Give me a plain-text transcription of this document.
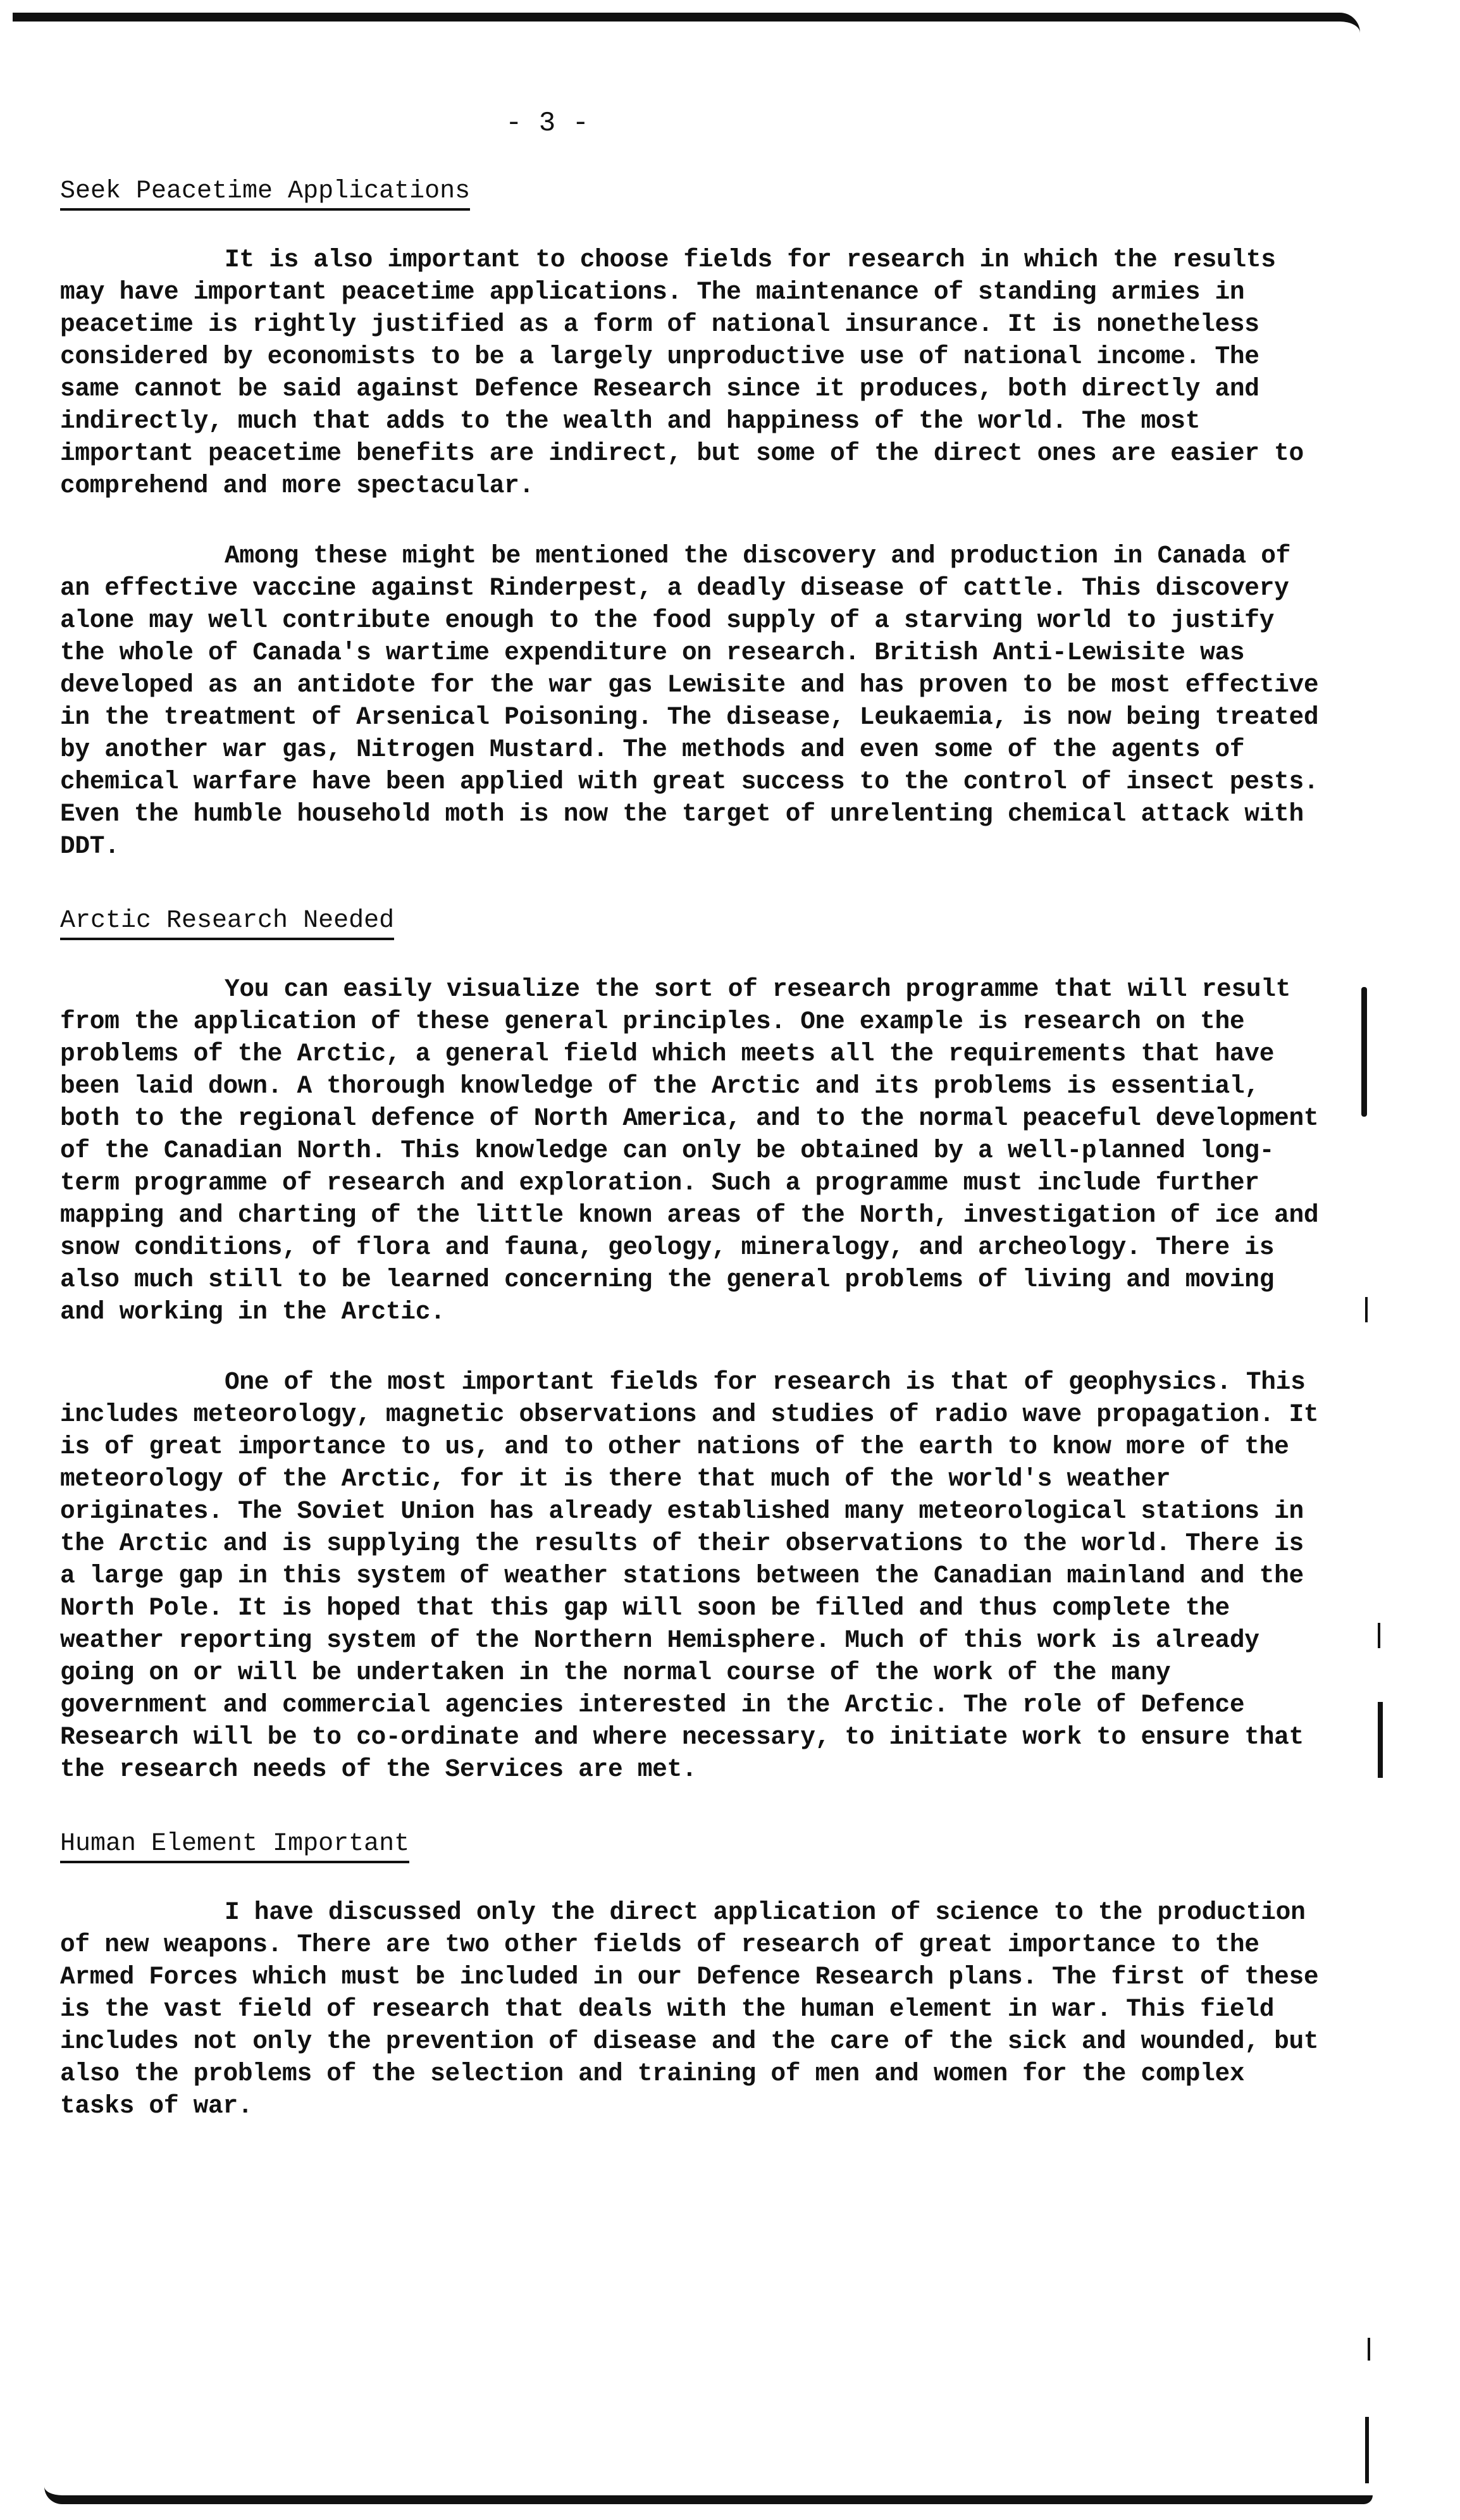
- 3 -
Seek Peacetime Applications

It is also important to choose fields for research in which the results may have important peacetime applications. The maintenance of standing armies in peacetime is rightly justified as a form of national insurance. It is nonetheless considered by economists to be a largely unproductive use of national income. The same cannot be said against Defence Research since it produces, both directly and indirectly, much that adds to the wealth and happiness of the world. The most important peacetime benefits are indirect, but some of the direct ones are easier to comprehend and more spectacular.

Among these might be mentioned the discovery and production in Canada of an effective vaccine against Rinderpest, a deadly disease of cattle. This discovery alone may well contribute enough to the food supply of a starving world to justify the whole of Canada's wartime expenditure on research. British Anti-Lewisite was developed as an antidote for the war gas Lewisite and has proven to be most effective in the treatment of Arsenical Poisoning. The disease, Leukaemia, is now being treated by another war gas, Nitrogen Mustard. The methods and even some of the agents of chemical warfare have been applied with great success to the control of insect pests. Even the humble household moth is now the target of unrelenting chemical attack with DDT.

Arctic Research Needed

You can easily visualize the sort of research programme that will result from the application of these general principles. One example is research on the problems of the Arctic, a general field which meets all the requirements that have been laid down. A thorough knowledge of the Arctic and its problems is essential, both to the regional defence of North America, and to the normal peaceful development of the Canadian North. This knowledge can only be obtained by a well-planned long-term programme of research and exploration. Such a programme must include further mapping and charting of the little known areas of the North, investigation of ice and snow conditions, of flora and fauna, geology, mineralogy, and archeology. There is also much still to be learned concerning the general problems of living and moving and working in the Arctic.

One of the most important fields for research is that of geophysics. This includes meteorology, magnetic observations and studies of radio wave propagation. It is of great importance to us, and to other nations of the earth to know more of the meteorology of the Arctic, for it is there that much of the world's weather originates. The Soviet Union has already established many meteorological stations in the Arctic and is supplying the results of their observations to the world. There is a large gap in this system of weather stations between the Canadian mainland and the North Pole. It is hoped that this gap will soon be filled and thus complete the weather reporting system of the Northern Hemisphere. Much of this work is already going on or will be undertaken in the normal course of the work of the many government and commercial agencies interested in the Arctic. The role of Defence Research will be to co-ordinate and where necessary, to initiate work to ensure that the research needs of the Services are met.

Human Element Important

I have discussed only the direct application of science to the production of new weapons. There are two other fields of research of great importance to the Armed Forces which must be included in our Defence Research plans. The first of these is the vast field of research that deals with the human element in war. This field includes not only the prevention of disease and the care of the sick and wounded, but also the problems of the selection and training of men and women for the complex tasks of war.
